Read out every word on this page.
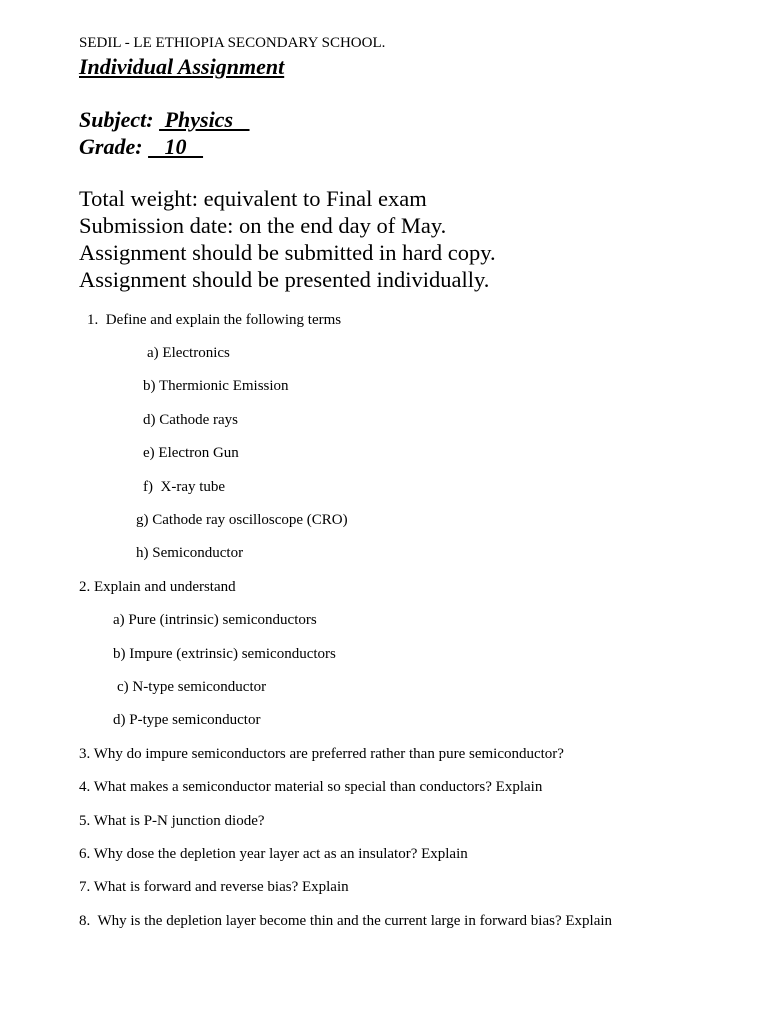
SEDIL - LE ETHIOPIA SECONDARY SCHOOL.
Individual Assignment
Subject:  Physics
Grade:    10
Total weight: equivalent to Final exam
Submission date: on the end day of May.
Assignment should be submitted in hard copy.
Assignment should be presented individually.
1.  Define and explain the following terms
a) Electronics
b) Thermionic Emission
d) Cathode rays
e) Electron Gun
f)  X-ray tube
g) Cathode ray oscilloscope (CRO)
h) Semiconductor
2. Explain and understand
a) Pure (intrinsic) semiconductors
b) Impure (extrinsic) semiconductors
c) N-type semiconductor
d) P-type semiconductor
3. Why do impure semiconductors are preferred rather than pure semiconductor?
4. What makes a semiconductor material so special than conductors? Explain
5. What is P-N junction diode?
6. Why dose the depletion year layer act as an insulator? Explain
7. What is forward and reverse bias? Explain
8.  Why is the depletion layer become thin and the current large in forward bias? Explain
